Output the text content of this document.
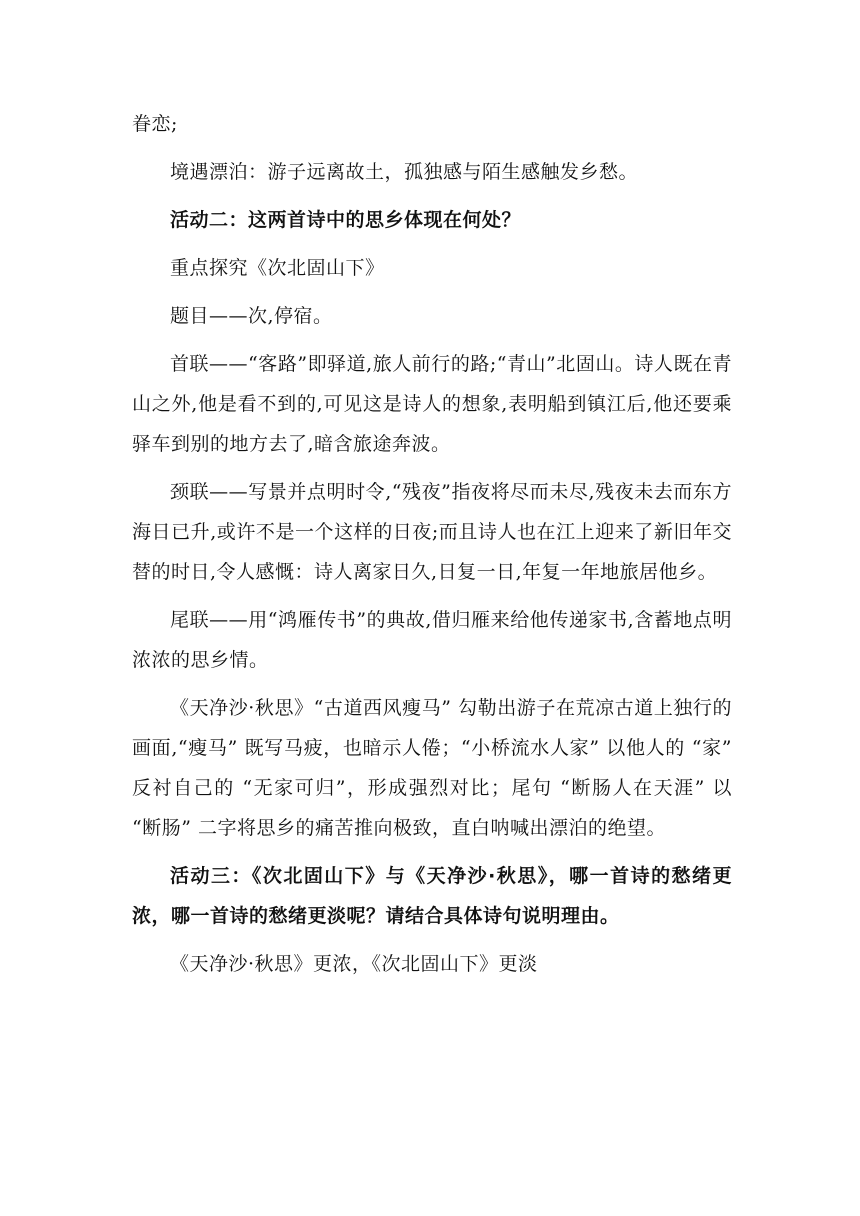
眷恋;

境遇漂泊：游子远离故土，孤独感与陌生感触发乡愁。

活动二：这两首诗中的思乡体现在何处？

重点探究《次北固山下》

题目——次,停宿。

首联——“客路”即驿道,旅人前行的路;“青山”北固山。诗人既在青山之外,他是看不到的,可见这是诗人的想象,表明船到镇江后,他还要乘驿车到别的地方去了,暗含旅途奔波。

颈联——写景并点明时令,“残夜”指夜将尽而未尽,残夜未去而东方海日已升,或许不是一个这样的日夜;而且诗人也在江上迎来了新旧年交替的时日,令人感慨：诗人离家日久,日复一日,年复一年地旅居他乡。

尾联——用“鸿雁传书”的典故,借归雁来给他传递家书,含蓄地点明浓浓的思乡情。

《天净沙·秋思》“古道西风瘦马” 勾勒出游子在荒凉古道上独行的画面,“瘦马” 既写马疲，也暗示人倦；“小桥流水人家” 以他人的 “家” 反衬自己的 “无家可归”，形成强烈对比；尾句 “断肠人在天涯” 以 “断肠” 二字将思乡的痛苦推向极致，直白呐喊出漂泊的绝望。

活动三：《次北固山下》与《天净沙·秋思》，哪一首诗的愁绪更浓，哪一首诗的愁绪更淡呢？请结合具体诗句说明理由。

《天净沙·秋思》更浓，《次北固山下》更淡
